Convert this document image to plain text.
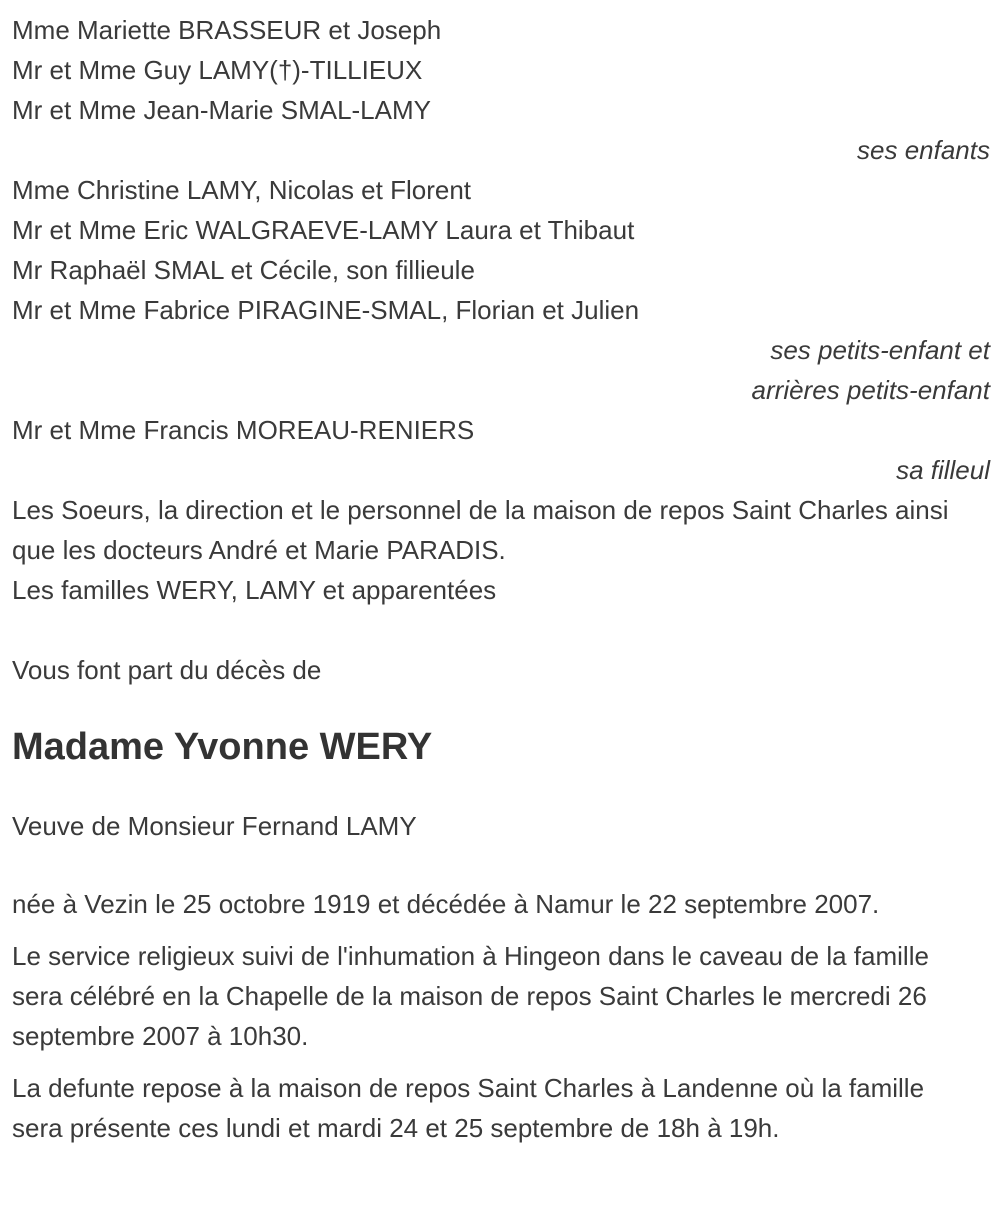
Mme Mariette BRASSEUR et Joseph
Mr et Mme Guy LAMY(†)-TILLIEUX
Mr et Mme Jean-Marie SMAL-LAMY
ses enfants
Mme Christine LAMY, Nicolas et Florent
Mr et Mme Eric WALGRAEVE-LAMY Laura et Thibaut
Mr Raphaël SMAL et Cécile, son fillieule
Mr et Mme Fabrice PIRAGINE-SMAL, Florian et Julien
ses petits-enfant et arrières petits-enfant
Mr et Mme Francis MOREAU-RENIERS
sa filleul
Les Soeurs, la direction et le personnel de la maison de repos Saint Charles ainsi que les docteurs André et Marie PARADIS.
Les familles WERY, LAMY et apparentées
Vous font part du décès de
Madame Yvonne WERY
Veuve de Monsieur Fernand LAMY
née à Vezin le 25 octobre 1919 et décédée à Namur le 22 septembre 2007.
Le service religieux suivi de l'inhumation à Hingeon dans le caveau de la famille sera célébré en la Chapelle de la maison de repos Saint Charles le mercredi 26 septembre 2007 à 10h30.
La defunte repose à la maison de repos Saint Charles à Landenne où la famille sera présente ces lundi et mardi 24 et 25 septembre de 18h à 19h.
